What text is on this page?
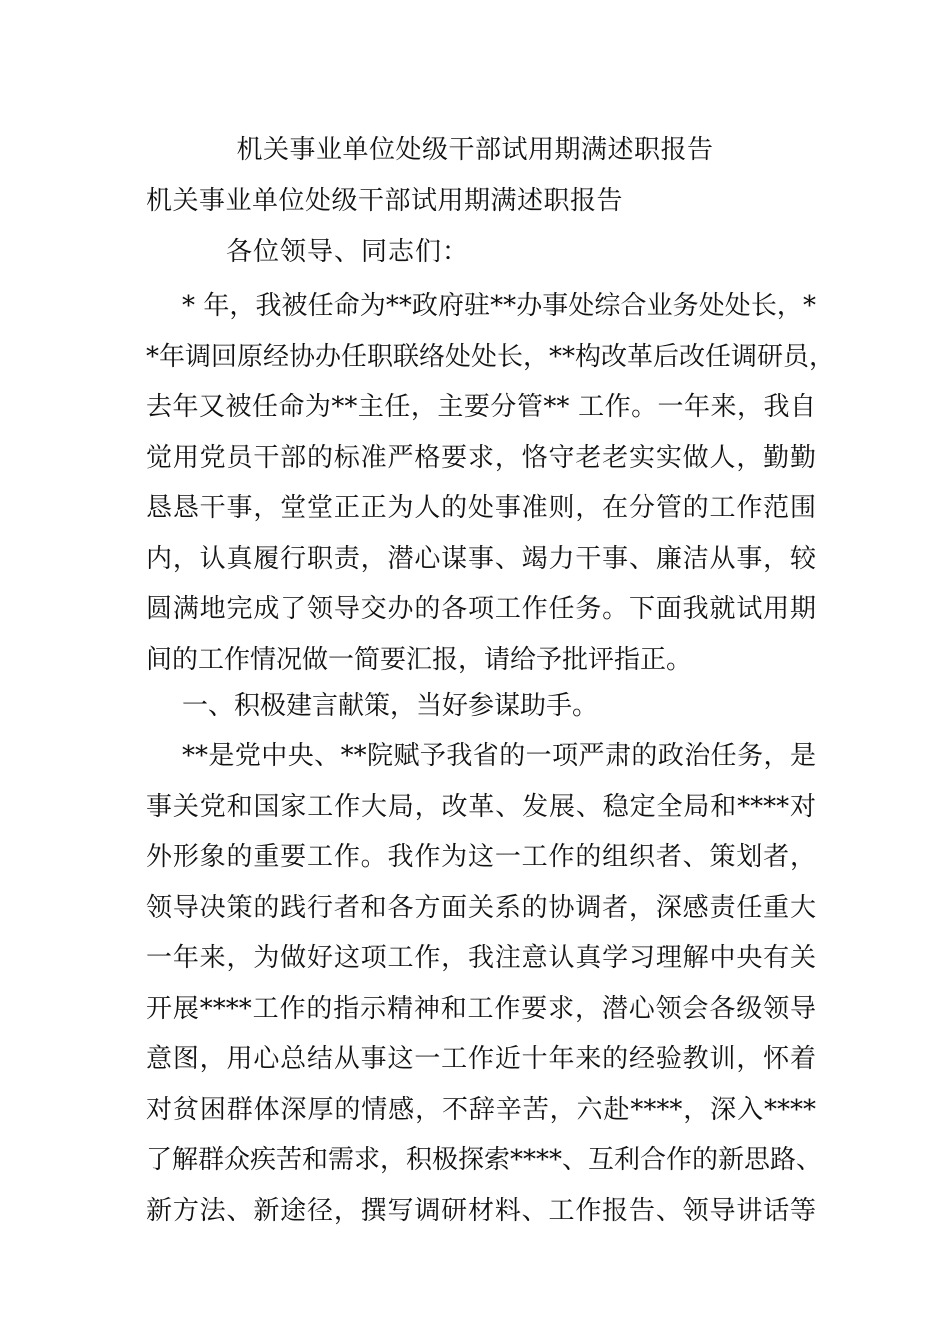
机关事业单位处级干部试用期满述职报告
机关事业单位处级干部试用期满述职报告

各位领导、同志们：

* 年，我被任命为**政府驻**办事处综合业务处处长，*
*年调回原经协办任职联络处处长，**构改革后改任调研员，
去年又被任命为**主任，主要分管** 工作。一年来，我自
觉用党员干部的标准严格要求，恪守老老实实做人，勤勤
恳恳干事，堂堂正正为人的处事准则，在分管的工作范围
内，认真履行职责，潜心谋事、竭力干事、廉洁从事，较
圆满地完成了领导交办的各项工作任务。下面我就试用期
间的工作情况做一简要汇报，请给予批评指正。
一、积极建言献策，当好参谋助手。
**是党中央、**院赋予我省的一项严肃的政治任务，是
事关党和国家工作大局，改革、发展、稳定全局和****对
外形象的重要工作。我作为这一工作的组织者、策划者，
领导决策的践行者和各方面关系的协调者，深感责任重大
一年来，为做好这项工作，我注意认真学习理解中央有关
开展****工作的指示精神和工作要求，潜心领会各级领导
意图，用心总结从事这一工作近十年来的经验教训，怀着
对贫困群体深厚的情感，不辞辛苦，六赴****，深入****
了解群众疾苦和需求，积极探索****、互利合作的新思路、
新方法、新途径，撰写调研材料、工作报告、领导讲话等
